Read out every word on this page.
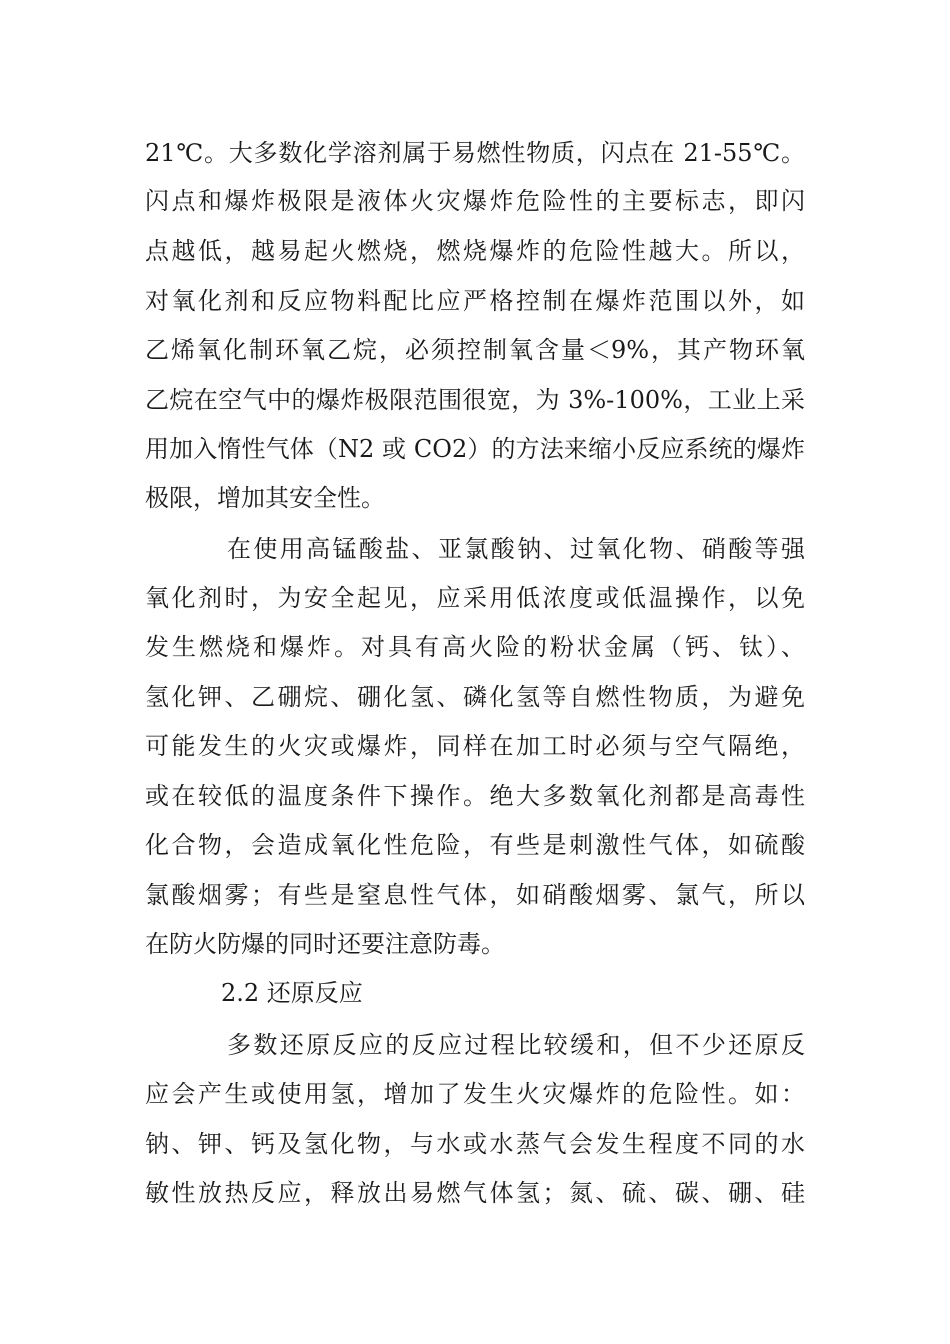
21℃。大多数化学溶剂属于易燃性物质，闪点在 21-55℃。
闪点和爆炸极限是液体火灾爆炸危险性的主要标志，即闪
点越低，越易起火燃烧，燃烧爆炸的危险性越大。所以，
对氧化剂和反应物料配比应严格控制在爆炸范围以外，如
乙烯氧化制环氧乙烷，必须控制氧含量＜9%，其产物环氧
乙烷在空气中的爆炸极限范围很宽，为 3%-100%，工业上采
用加入惰性气体（N2 或 CO2）的方法来缩小反应系统的爆炸
极限，增加其安全性。
在使用高锰酸盐、亚氯酸钠、过氧化物、硝酸等强
氧化剂时，为安全起见，应采用低浓度或低温操作，以免
发生燃烧和爆炸。对具有高火险的粉状金属（钙、钛）、
氢化钾、乙硼烷、硼化氢、磷化氢等自燃性物质，为避免
可能发生的火灾或爆炸，同样在加工时必须与空气隔绝，
或在较低的温度条件下操作。绝大多数氧化剂都是高毒性
化合物，会造成氧化性危险，有些是刺激性气体，如硫酸
氯酸烟雾；有些是窒息性气体，如硝酸烟雾、氯气，所以
在防火防爆的同时还要注意防毒。
2.2 还原反应
多数还原反应的反应过程比较缓和，但不少还原反
应会产生或使用氢，增加了发生火灾爆炸的危险性。如：
钠、钾、钙及氢化物，与水或水蒸气会发生程度不同的水
敏性放热反应，释放出易燃气体氢；氮、硫、碳、硼、硅
